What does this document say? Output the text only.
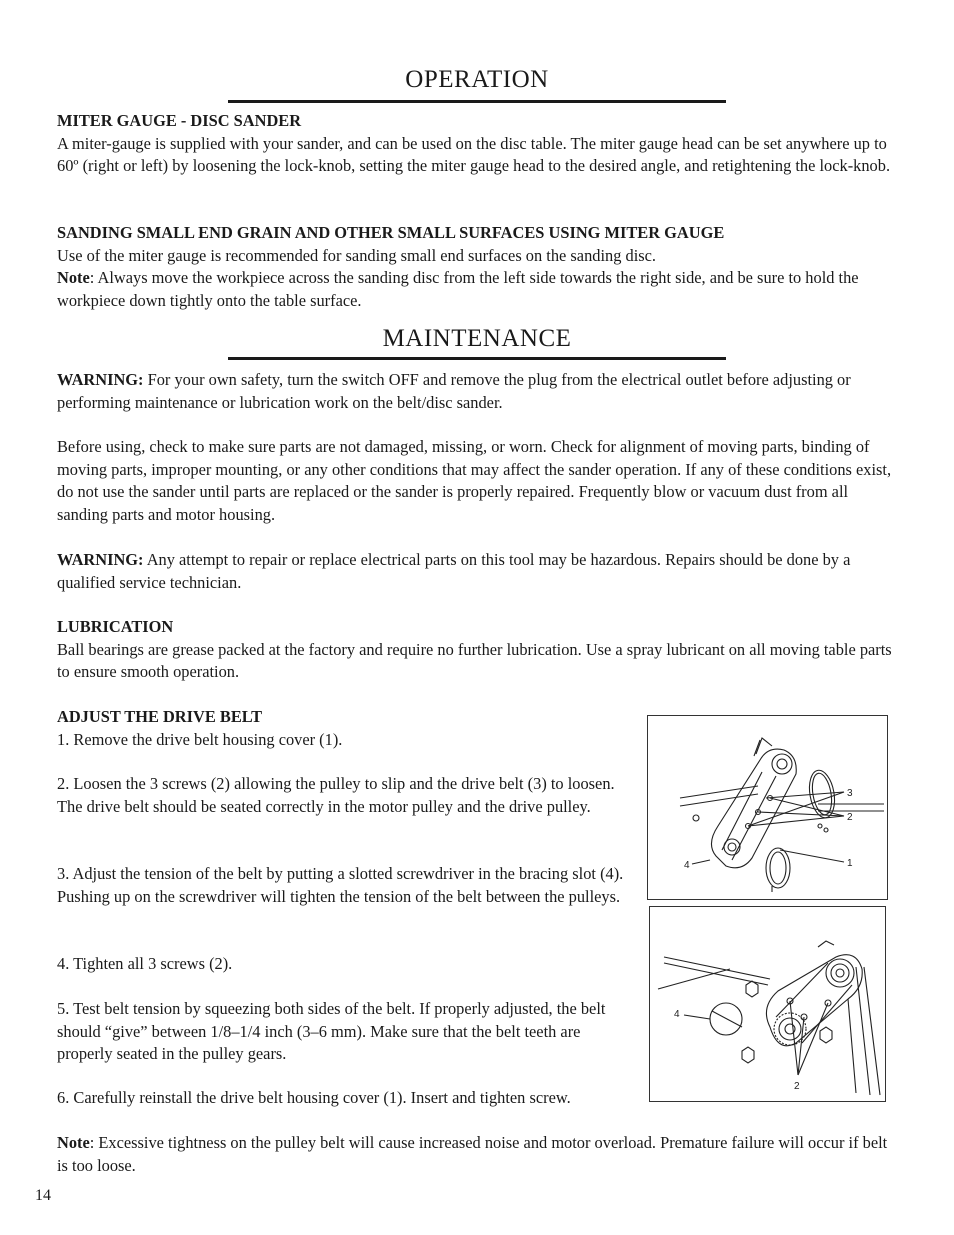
OPERATION
MITER GAUGE - DISC SANDER

A miter-gauge is supplied with your sander, and can be used on the disc table. The miter gauge head can be set anywhere up to 60º (right or left) by loosening the lock-knob, setting the miter gauge head to the desired angle, and retightening the lock-knob.

SANDING SMALL END GRAIN AND OTHER SMALL SURFACES USING MITER GAUGE

Use of the miter gauge is recommended for sanding small end surfaces on the sanding disc.

Note: Always move the workpiece across the sanding disc from the left side towards the right side, and be sure to hold the workpiece down tightly onto the table surface.

MAINTENANCE

WARNING: For your own safety, turn the switch OFF and remove the plug from the electrical outlet before adjusting or performing maintenance or lubrication work on the belt/disc sander.

Before using, check to make sure parts are not damaged, missing, or worn. Check for alignment of moving parts, binding of moving parts, improper mounting, or any other conditions that may affect the sander operation. If any of these conditions exist, do not use the sander until parts are replaced or the sander is properly repaired. Frequently blow or vacuum dust from all sanding parts and motor housing.

WARNING: Any attempt to repair or replace electrical parts on this tool may be hazardous. Repairs should be done by a qualified service technician.

LUBRICATION

Ball bearings are grease packed at the factory and require no further lubrication. Use a spray lubricant on all moving table parts to ensure smooth operation.

ADJUST THE DRIVE BELT

1. Remove the drive belt housing cover (1).

2. Loosen the 3 screws (2) allowing the pulley to slip and the drive belt (3) to loosen. The drive belt should be seated correctly in the motor pulley and the drive pulley.

3. Adjust the tension of the belt by putting a slotted screwdriver in the bracing slot (4). Pushing up on the screwdriver will tighten the tension of the belt between the pulleys.

4. Tighten all 3 screws (2).

5. Test belt tension by squeezing both sides of the belt. If properly adjusted, the belt should “give” between 1/8–1/4 inch (3–6 mm). Make sure that the belt teeth are properly seated in the pulley gears.

6. Carefully reinstall the drive belt housing cover (1). Insert and tighten screw.

Note: Excessive tightness on the pulley belt will cause increased noise and motor overload. Premature failure will occur if belt is too loose.

3
2
1
4
4
2
14
